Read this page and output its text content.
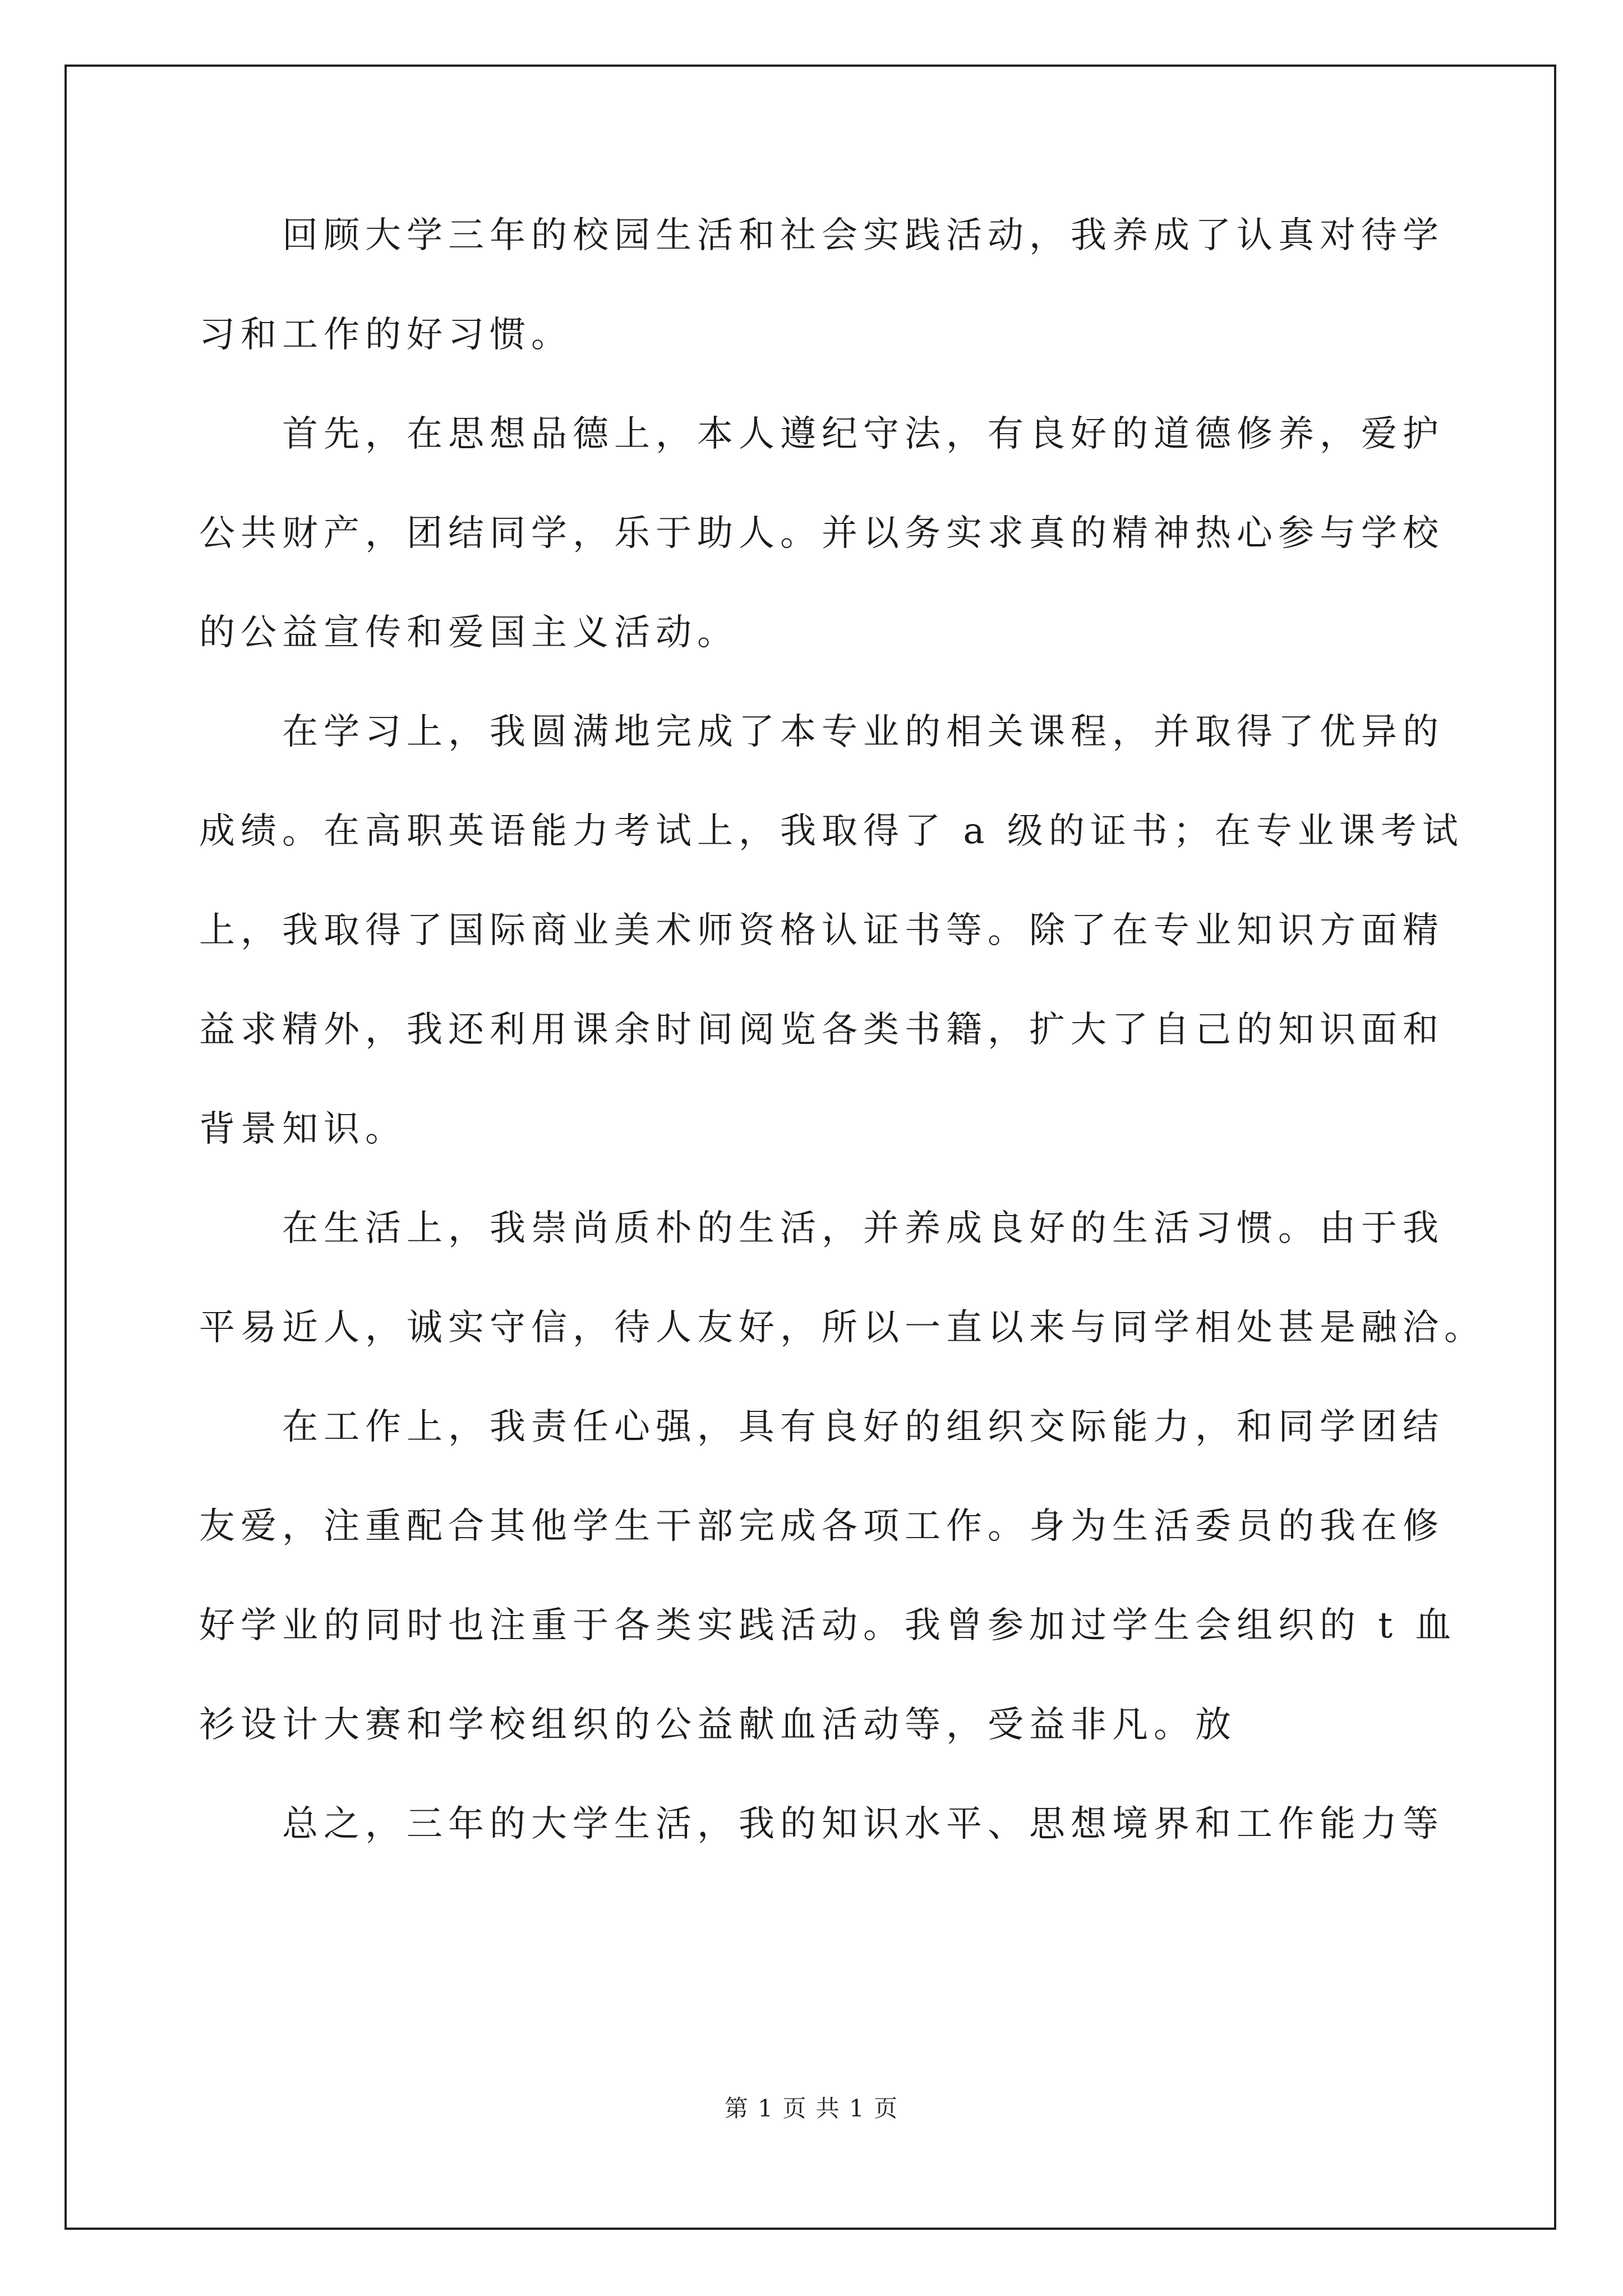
回顾大学三年的校园生活和社会实践活动，我养成了认真对待学
习和工作的好习惯。
首先，在思想品德上，本人遵纪守法，有良好的道德修养，爱护
公共财产，团结同学，乐于助人。并以务实求真的精神热心参与学校
的公益宣传和爱国主义活动。
在学习上，我圆满地完成了本专业的相关课程，并取得了优异的
成绩。在高职英语能力考试上，我取得了 a 级的证书；在专业课考试
上，我取得了国际商业美术师资格认证书等。除了在专业知识方面精
益求精外，我还利用课余时间阅览各类书籍，扩大了自己的知识面和
背景知识。
在生活上，我崇尚质朴的生活，并养成良好的生活习惯。由于我
平易近人，诚实守信，待人友好，所以一直以来与同学相处甚是融洽。
在工作上，我责任心强，具有良好的组织交际能力，和同学团结
友爱，注重配合其他学生干部完成各项工作。身为生活委员的我在修
好学业的同时也注重于各类实践活动。我曾参加过学生会组织的 t 血
衫设计大赛和学校组织的公益献血活动等，受益非凡。放
总之，三年的大学生活，我的知识水平、思想境界和工作能力等
第 1 页 共 1 页
